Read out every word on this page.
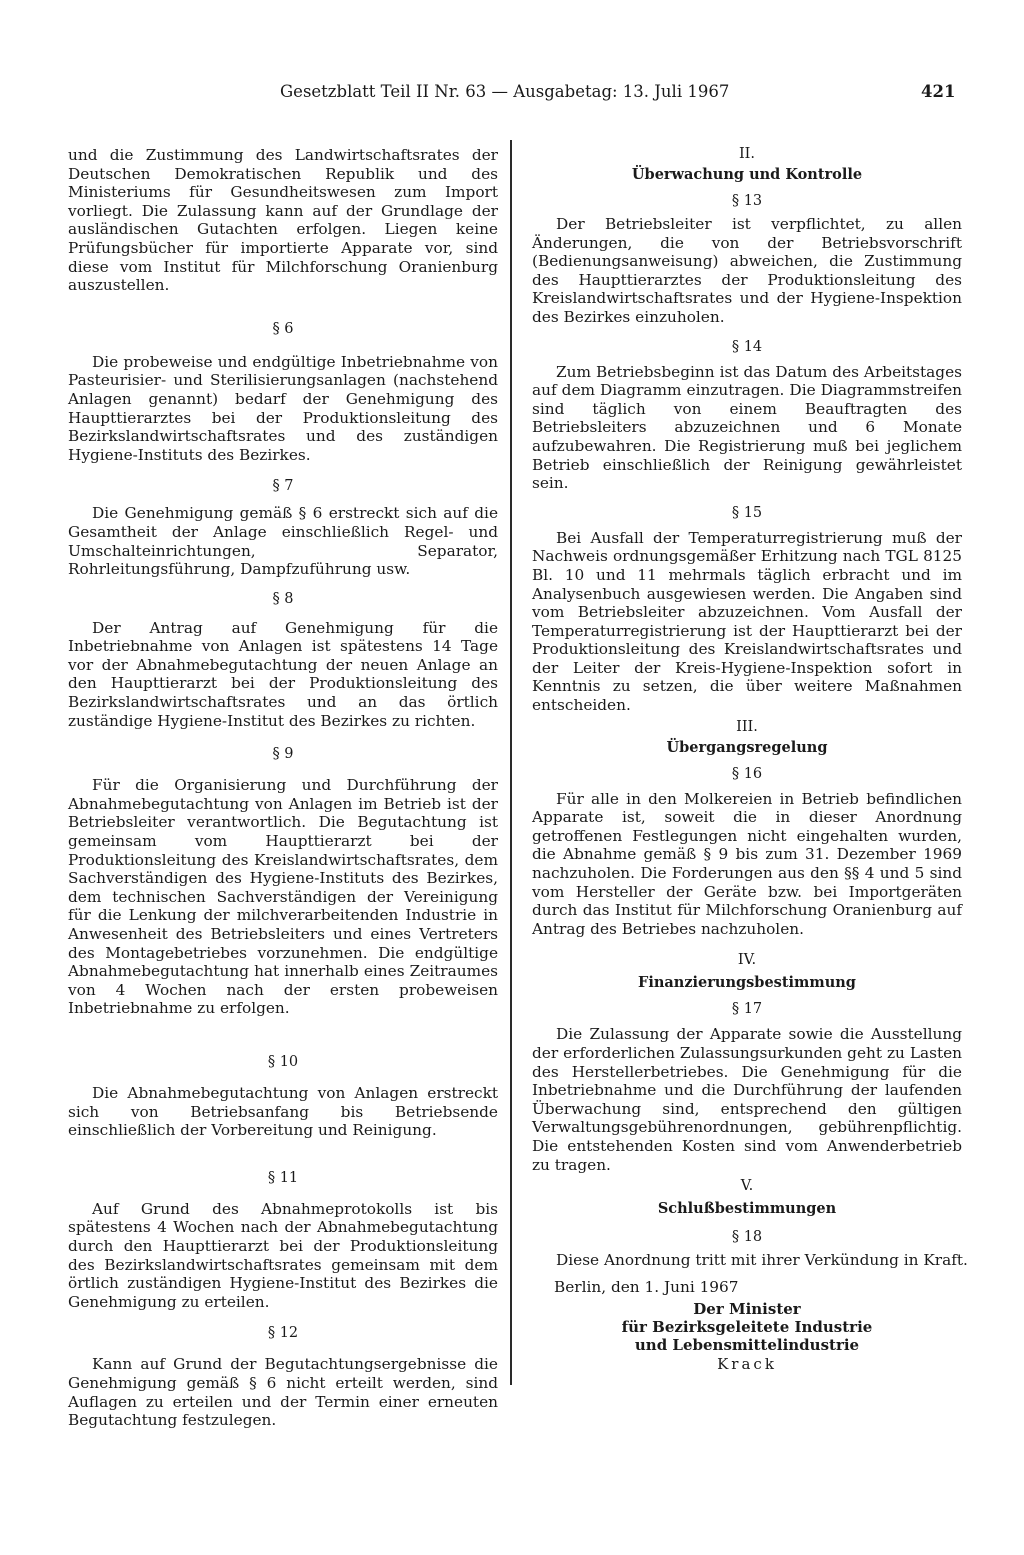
Gesetzblatt Teil II Nr. 63 — Ausgabetag: 13. Juli 1967	421

und die Zustimmung des Landwirtschaftsrates der Deutschen Demokratischen Republik und des Ministeriums für Gesundheitswesen zum Import vorliegt. Die Zulassung kann auf der Grundlage der ausländischen Gutachten erfolgen. Liegen keine Prüfungsbücher für importierte Apparate vor, sind diese vom Institut für Milchforschung Oranienburg auszustellen.

§ 6

Die probeweise und endgültige Inbetriebnahme von Pasteurisier- und Sterilisierungsanlagen (nachstehend Anlagen genannt) bedarf der Genehmigung des Haupttierarztes bei der Produktionsleitung des Bezirkslandwirtschaftsrates und des zuständigen Hygiene-Instituts des Bezirkes.

§ 7

Die Genehmigung gemäß § 6 erstreckt sich auf die Gesamtheit der Anlage einschließlich Regel- und Umschalteinrichtungen, Separator, Rohrleitungsführung, Dampfzuführung usw.

§ 8

Der Antrag auf Genehmigung für die Inbetriebnahme von Anlagen ist spätestens 14 Tage vor der Abnahmebegutachtung der neuen Anlage an den Haupttierarzt bei der Produktionsleitung des Bezirkslandwirtschaftsrates und an das örtlich zuständige Hygiene-Institut des Bezirkes zu richten.

§ 9

Für die Organisierung und Durchführung der Abnahmebegutachtung von Anlagen im Betrieb ist der Betriebsleiter verantwortlich. Die Begutachtung ist gemeinsam vom Haupttierarzt bei der Produktionsleitung des Kreislandwirtschaftsrates, dem Sachverständigen des Hygiene-Instituts des Bezirkes, dem technischen Sachverständigen der Vereinigung für die Lenkung der milchverarbeitenden Industrie in Anwesenheit des Betriebsleiters und eines Vertreters des Montagebetriebes vorzunehmen. Die endgültige Abnahmebegutachtung hat innerhalb eines Zeitraumes von 4 Wochen nach der ersten probeweisen Inbetriebnahme zu erfolgen.

§ 10

Die Abnahmebegutachtung von Anlagen erstreckt sich von Betriebsanfang bis Betriebsende einschließlich der Vorbereitung und Reinigung.

§ 11

Auf Grund des Abnahmeprotokolls ist bis spätestens 4 Wochen nach der Abnahmebegutachtung durch den Haupttierarzt bei der Produktionsleitung des Bezirkslandwirtschaftsrates gemeinsam mit dem örtlich zuständigen Hygiene-Institut des Bezirkes die Genehmigung zu erteilen.

§ 12

Kann auf Grund der Begutachtungsergebnisse die Genehmigung gemäß § 6 nicht erteilt werden, sind Auflagen zu erteilen und der Termin einer erneuten Begutachtung festzulegen.

II.

Überwachung und Kontrolle

§ 13

Der Betriebsleiter ist verpflichtet, zu allen Änderungen, die von der Betriebsvorschrift (Bedienungsanweisung) abweichen, die Zustimmung des Haupttierarztes der Produktionsleitung des Kreislandwirtschaftsrates und der Hygiene-Inspektion des Bezirkes einzuholen.

§ 14

Zum Betriebsbeginn ist das Datum des Arbeitstages auf dem Diagramm einzutragen. Die Diagrammstreifen sind täglich von einem Beauftragten des Betriebsleiters abzuzeichnen und 6 Monate aufzubewahren. Die Registrierung muß bei jeglichem Betrieb einschließlich der Reinigung gewährleistet sein.

§ 15

Bei Ausfall der Temperaturregistrierung muß der Nachweis ordnungsgemäßer Erhitzung nach TGL 8125 Bl. 10 und 11 mehrmals täglich erbracht und im Analysenbuch ausgewiesen werden. Die Angaben sind vom Betriebsleiter abzuzeichnen. Vom Ausfall der Temperaturregistrierung ist der Haupttierarzt bei der Produktionsleitung des Kreislandwirtschaftsrates und der Leiter der Kreis-Hygiene-Inspektion sofort in Kenntnis zu setzen, die über weitere Maßnahmen entscheiden.

III.

Übergangsregelung

§ 16

Für alle in den Molkereien in Betrieb befindlichen Apparate ist, soweit die in dieser Anordnung getroffenen Festlegungen nicht eingehalten wurden, die Abnahme gemäß § 9 bis zum 31. Dezember 1969 nachzuholen. Die Forderungen aus den §§ 4 und 5 sind vom Hersteller der Geräte bzw. bei Importgeräten durch das Institut für Milchforschung Oranienburg auf Antrag des Betriebes nachzuholen.

IV.

Finanzierungsbestimmung

§ 17

Die Zulassung der Apparate sowie die Ausstellung der erforderlichen Zulassungsurkunden geht zu Lasten des Herstellerbetriebes. Die Genehmigung für die Inbetriebnahme und die Durchführung der laufenden Überwachung sind, entsprechend den gültigen Verwaltungsgebührenordnungen, gebührenpflichtig. Die entstehenden Kosten sind vom Anwenderbetrieb zu tragen.

V.

Schlußbestimmungen

§ 18

Diese Anordnung tritt mit ihrer Verkündung in Kraft.

Berlin, den 1. Juni 1967

Der Minister

für Bezirksgeleitete Industrie

und Lebensmittelindustrie

Krack
